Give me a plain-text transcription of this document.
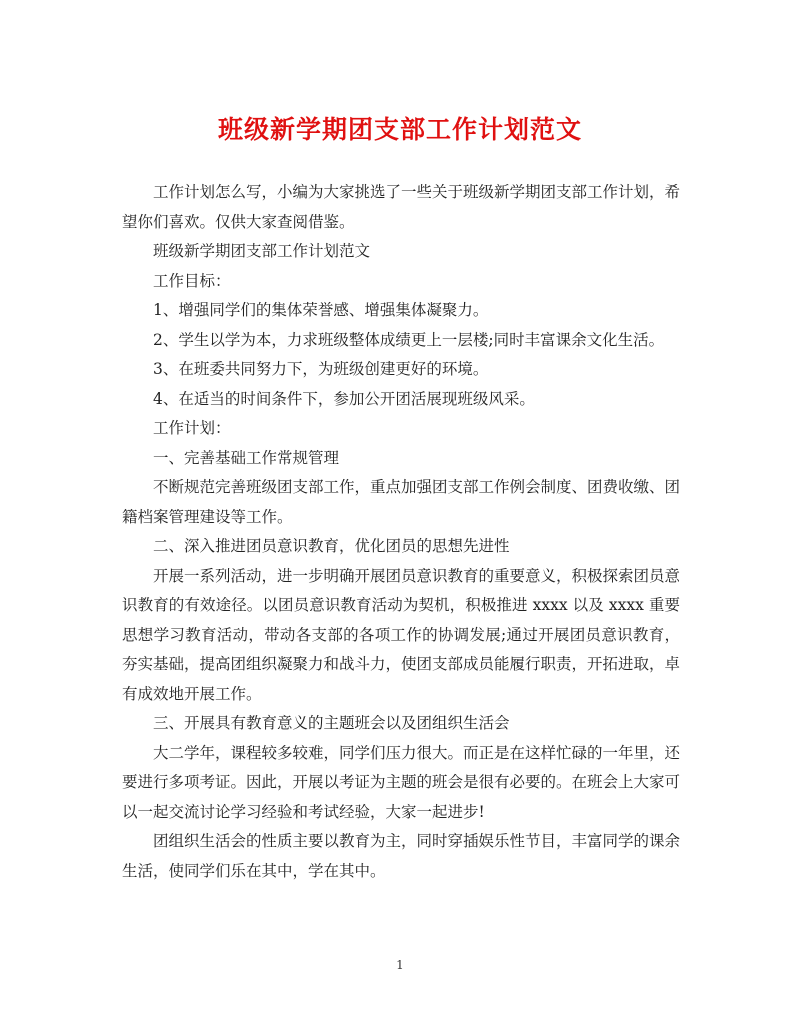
班级新学期团支部工作计划范文

工作计划怎么写，小编为大家挑选了一些关于班级新学期团支部工作计划，希望你们喜欢。仅供大家查阅借鉴。

班级新学期团支部工作计划范文

工作目标：

1、增强同学们的集体荣誉感、增强集体凝聚力。

2、学生以学为本，力求班级整体成绩更上一层楼;同时丰富课余文化生活。

3、在班委共同努力下，为班级创建更好的环境。

4、在适当的时间条件下，参加公开团活展现班级风采。

工作计划：

一、完善基础工作常规管理

不断规范完善班级团支部工作，重点加强团支部工作例会制度、团费收缴、团籍档案管理建设等工作。

二、深入推进团员意识教育，优化团员的思想先进性

开展一系列活动，进一步明确开展团员意识教育的重要意义，积极探索团员意识教育的有效途径。以团员意识教育活动为契机，积极推进 xxxx 以及 xxxx 重要思想学习教育活动，带动各支部的各项工作的协调发展;通过开展团员意识教育，夯实基础，提高团组织凝聚力和战斗力，使团支部成员能履行职责，开拓进取，卓有成效地开展工作。

三、开展具有教育意义的主题班会以及团组织生活会

大二学年，课程较多较难，同学们压力很大。而正是在这样忙碌的一年里，还要进行多项考证。因此，开展以考证为主题的班会是很有必要的。在班会上大家可以一起交流讨论学习经验和考试经验，大家一起进步!

团组织生活会的性质主要以教育为主，同时穿插娱乐性节目，丰富同学的课余生活，使同学们乐在其中，学在其中。

1
